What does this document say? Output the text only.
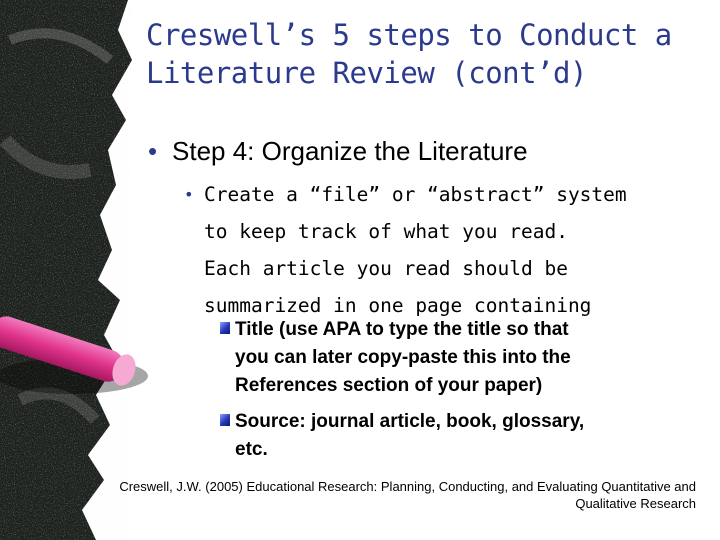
Creswell’s 5 steps to Conduct a
Literature Review (cont’d)
• Step 4: Organize the Literature
• Create a “file” or “abstract” system
to keep track of what you read.
Each article you read should be
summarized in one page containing
Title (use APA to type the title so that
you can later copy-paste this into the
References section of your paper)
Source: journal article, book, glossary,
etc.
Creswell, J.W. (2005) Educational Research: Planning, Conducting, and Evaluating Quantitative and
Qualitative Research
